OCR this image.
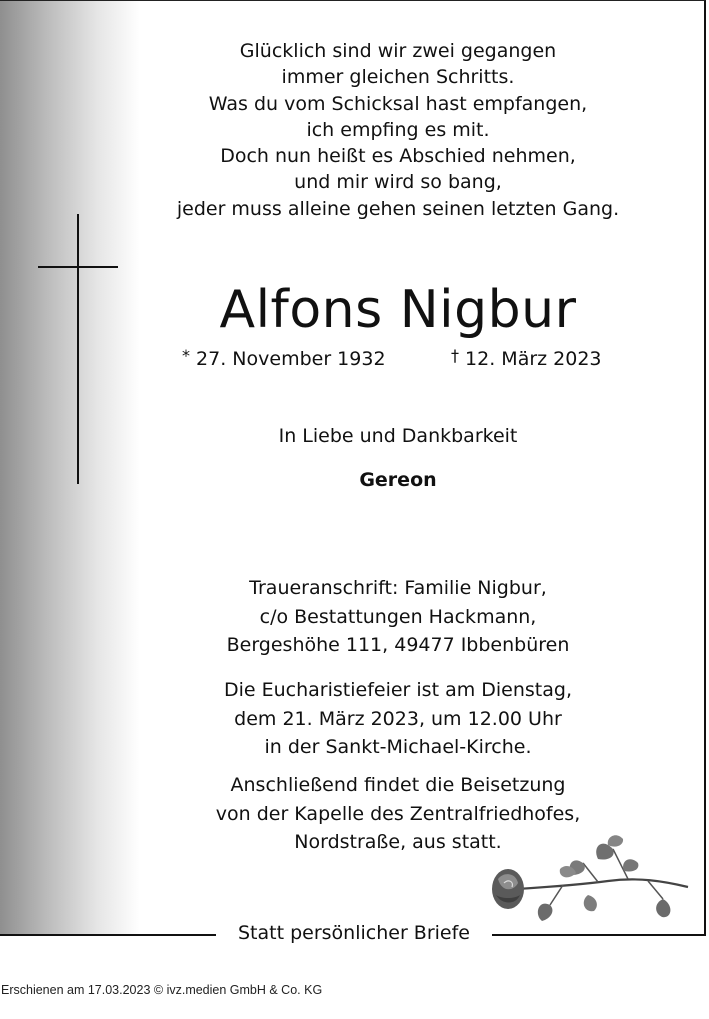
Glücklich sind wir zwei gegangen
immer gleichen Schritts.
Was du vom Schicksal hast empfangen,
ich empfing es mit.
Doch nun heißt es Abschied nehmen,
und mir wird so bang,
jeder muss alleine gehen seinen letzten Gang.
Alfons Nigbur
* 27. November 1932	† 12. März 2023
In Liebe und Dankbarkeit
Gereon
Traueranschrift: Familie Nigbur,
c/o Bestattungen Hackmann,
Bergeshöhe 111, 49477 Ibbenbüren
Die Eucharistiefeier ist am Dienstag,
dem 21. März 2023, um 12.00 Uhr
in der Sankt-Michael-Kirche.
Anschließend findet die Beisetzung
von der Kapelle des Zentralfriedhofes,
Nordstraße, aus statt.
Statt persönlicher Briefe
Erschienen am 17.03.2023 © ivz.medien GmbH & Co. KG
